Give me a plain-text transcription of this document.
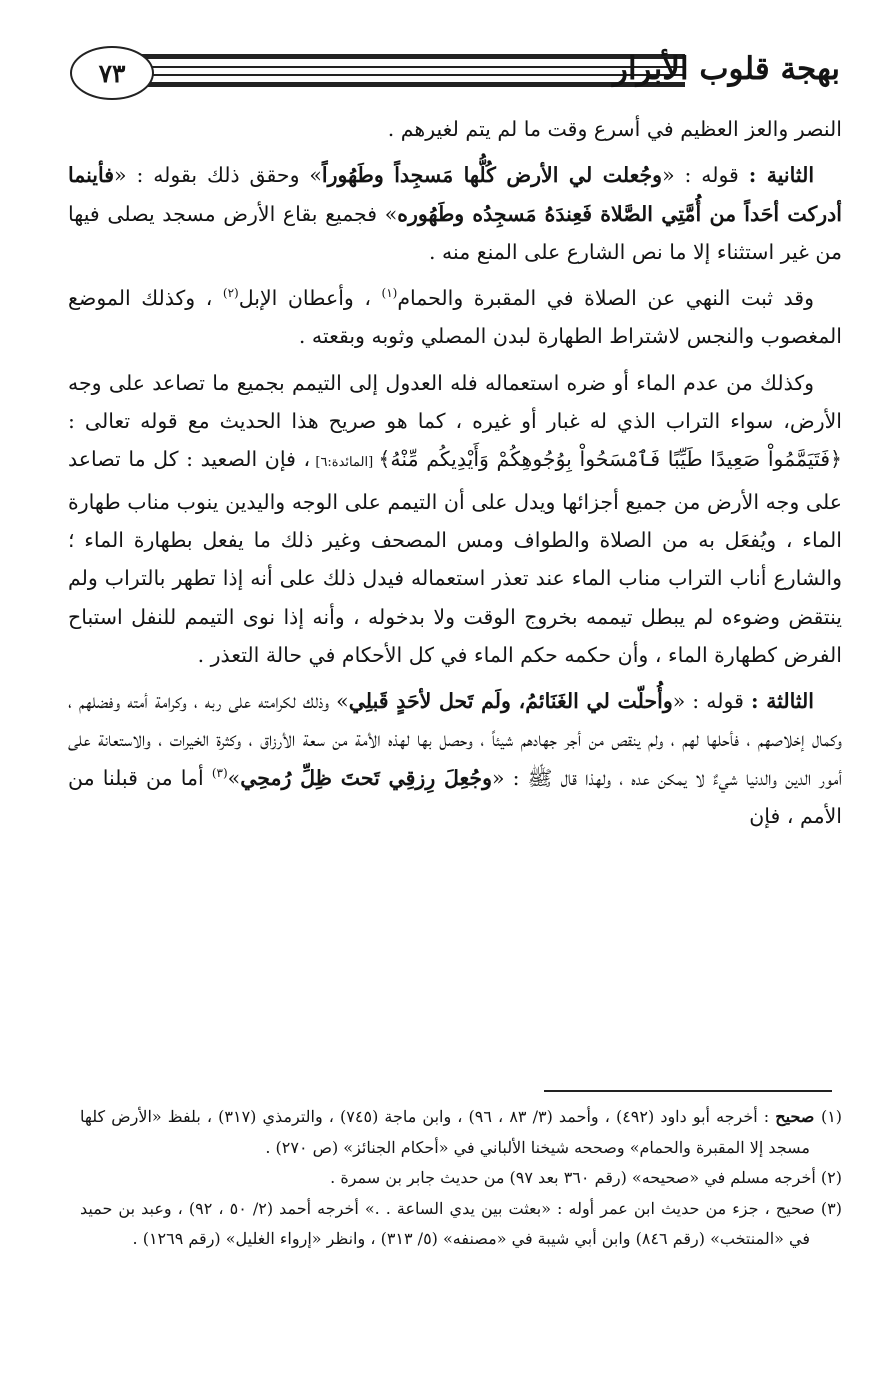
٧٣	بهجة قلوب الأبرار

النصر والعز العظيم في أسرع وقت ما لم يتم لغيرهم .

الثانية : قوله : «وجُعلت لي الأرض كُلُّها مَسجِداً وطَهُوراً» وحقق ذلك بقوله : «فأينما أدركت أحَداً من أُمَّتِي الصَّلاة فَعِندَهُ مَسجِدُه وطَهُوره» فجميع بقاع الأرض مسجد يصلى فيها من غير استثناء إلا ما نص الشارع على المنع منه .

وقد ثبت النهي عن الصلاة في المقبرة والحمام$^{(١)}$ ، وأعطان الإبل$^{(٢)}$ ، وكذلك الموضع المغصوب والنجس لاشتراط الطهارة لبدن المصلي وثوبه وبقعته .

وكذلك من عدم الماء أو ضره استعماله فله العدول إلى التيمم بجميع ما تصاعد على وجه الأرض، سواء التراب الذي له غبار أو غيره ، كما هو صريح هذا الحديث مع قوله تعالى : ﴿فَتَيَمَّمُواْ صَعِيدًا طَيِّبًا فَٱمْسَحُواْ بِوُجُوهِكُمْ وَأَيْدِيكُم مِّنْهُ﴾ [المائدة:٦] ، فإن الصعيد : كل ما تصاعد على وجه الأرض من جميع أجزائها ويدل على أن التيمم على الوجه واليدين ينوب مناب طهارة الماء ، ويُفعَل به من الصلاة والطواف ومس المصحف وغير ذلك ما يفعل بطهارة الماء ؛ والشارع أناب التراب مناب الماء عند تعذر استعماله فيدل ذلك على أنه إذا تطهر بالتراب ولم ينتقض وضوءه لم يبطل تيممه بخروج الوقت ولا بدخوله ، وأنه إذا نوى التيمم للنفل استباح الفرض كطهارة الماء ، وأن حكمه حكم الماء في كل الأحكام في حالة التعذر .

الثالثة : قوله : «وأُحلّت لي الغَنَائمُ، ولَم تَحل لأحَدٍ قَبلِي» وذلك لكرامته على ربه ، وكرامة أمته وفضلهم ، وكمال إخلاصهم ، فأحلها لهم ، ولم ينقص من أجر جهادهم شيئاً ، وحصل بها لهذه الأمة من سعة الأرزاق ، وكثرة الخيرات ، والاستعانة على أمور الدين والدنيا شيءٌ لا يمكن عده ، ولهذا قال ﷺ : «وجُعِلَ رِزقِي تَحتَ ظِلِّ رُمحِي»$^{(٣)}$ أما من قبلنا من الأمم ، فإن

(١) صحيح : أخرجه أبو داود (٤٩٢) ، وأحمد (٣/ ٨٣ ، ٩٦) ، وابن ماجة (٧٤٥) ، والترمذي (٣١٧) ، بلفظ «الأرض كلها مسجد إلا المقبرة والحمام» وصححه شيخنا الألباني في «أحكام الجنائز» (ص ٢٧٠) .

(٢) أخرجه مسلم في «صحيحه» (رقم ٣٦٠ بعد ٩٧) من حديث جابر بن سمرة .

(٣) صحيح ، جزء من حديث ابن عمر أوله : «بعثت بين يدي الساعة . .» أخرجه أحمد (٢/ ٥٠ ، ٩٢) ، وعبد بن حميد في «المنتخب» (رقم ٨٤٦) وابن أبي شيبة في «مصنفه» (٥/ ٣١٣) ، وانظر «إرواء الغليل» (رقم ١٢٦٩) .
